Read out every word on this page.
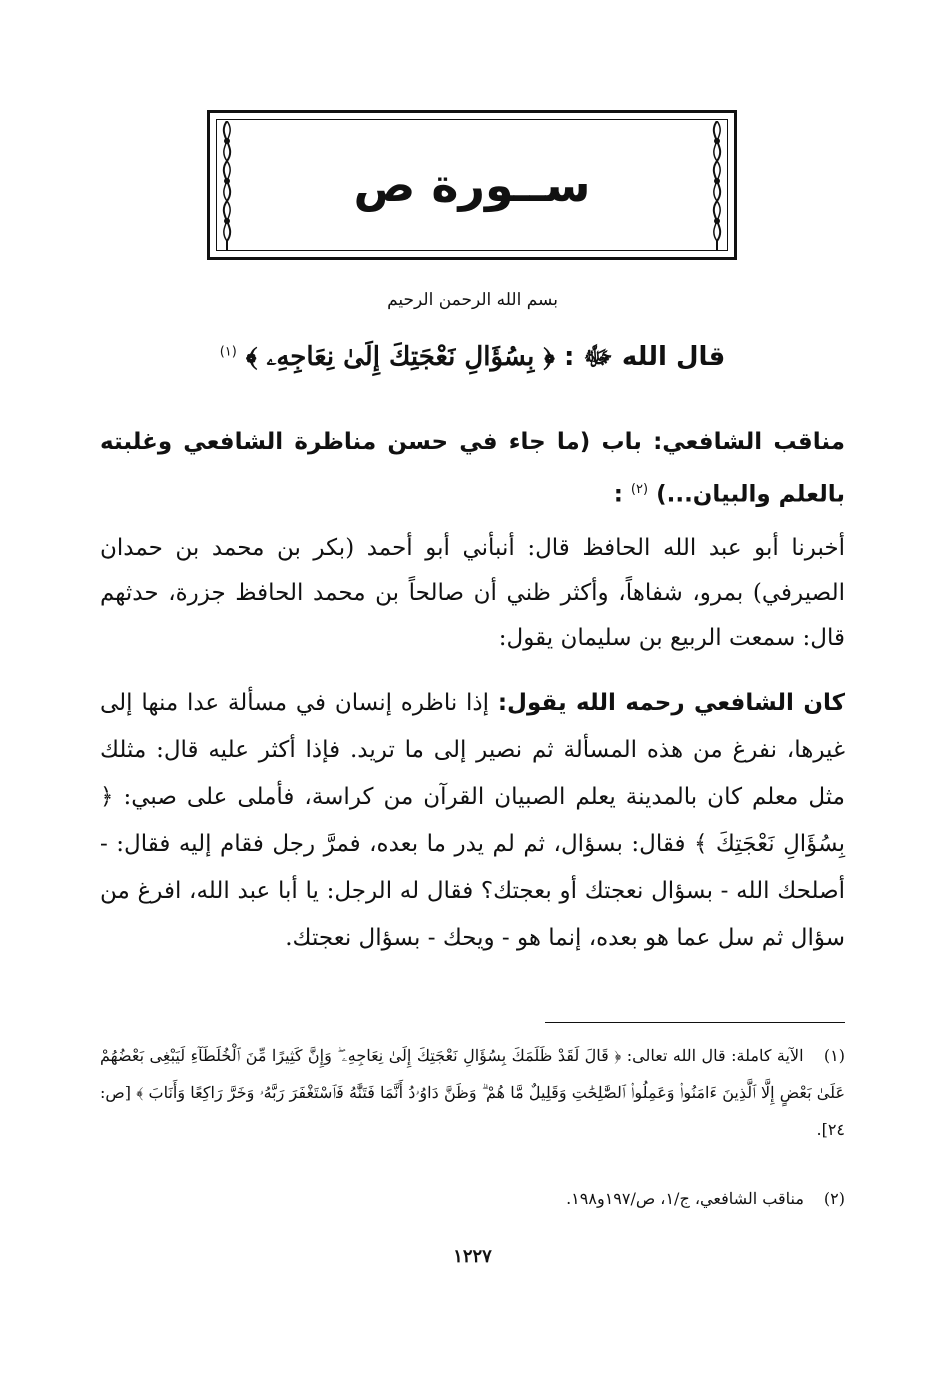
ســورة ص
بسم الله الرحمن الرحيم
قال الله ﷻ : ﴿ بِسُؤَالِ نَعْجَتِكَ إِلَىٰ نِعَاجِهِۦ ﴾ $^{(١)}$
مناقب الشافعي: باب (ما جاء في حسن مناظرة الشافعي وغلبته بالعلم والبيان...) $^{(٢)}$ :
أخبرنا أبو عبد الله الحافظ قال: أنبأني أبو أحمد (بكر بن محمد بن حمدان الصيرفي) بمرو، شفاهاً، وأكثر ظني أن صالحاً بن محمد الحافظ جزرة، حدثهم قال: سمعت الربيع بن سليمان يقول:
كان الشافعي رحمه الله يقول: إذا ناظره إنسان في مسألة عدا منها إلى غيرها، نفرغ من هذه المسألة ثم نصير إلى ما تريد. فإذا أكثر عليه قال: مثلك مثل معلم كان بالمدينة يعلم الصبيان القرآن من كراسة، فأملى على صبي: ﴿ بِسُؤَالِ نَعْجَتِكَ ﴾ فقال: بسؤال، ثم لم يدر ما بعده، فمرَّ رجل فقام إليه فقال: - أصلحك الله - بسؤال نعجتك أو بعجتك؟ فقال له الرجل: يا أبا عبد الله، افرغ من سؤال ثم سل عما هو بعده، إنما هو - ويحك - بسؤال نعجتك.
(١) الآية كاملة: قال الله تعالى: ﴿ قَالَ لَقَدْ ظَلَمَكَ بِسُؤَالِ نَعْجَتِكَ إِلَىٰ نِعَاجِهِۦ ۖ وَإِنَّ كَثِيرًا مِّنَ ٱلْخُلَطَآءِ لَيَبْغِى بَعْضُهُمْ عَلَىٰ بَعْضٍ إِلَّا ٱلَّذِينَ ءَامَنُوا۟ وَعَمِلُوا۟ ٱلصَّٰلِحَٰتِ وَقَلِيلٌ مَّا هُمْ ۗ وَظَنَّ دَاوُۥدُ أَنَّمَا فَتَنَّٰهُ فَٱسْتَغْفَرَ رَبَّهُۥ وَخَرَّ رَاكِعًا وَأَنَابَ ﴾ [ص: ٢٤].
(٢) مناقب الشافعي، ج/١، ص/١٩٧و١٩٨.
١٢٢٧
